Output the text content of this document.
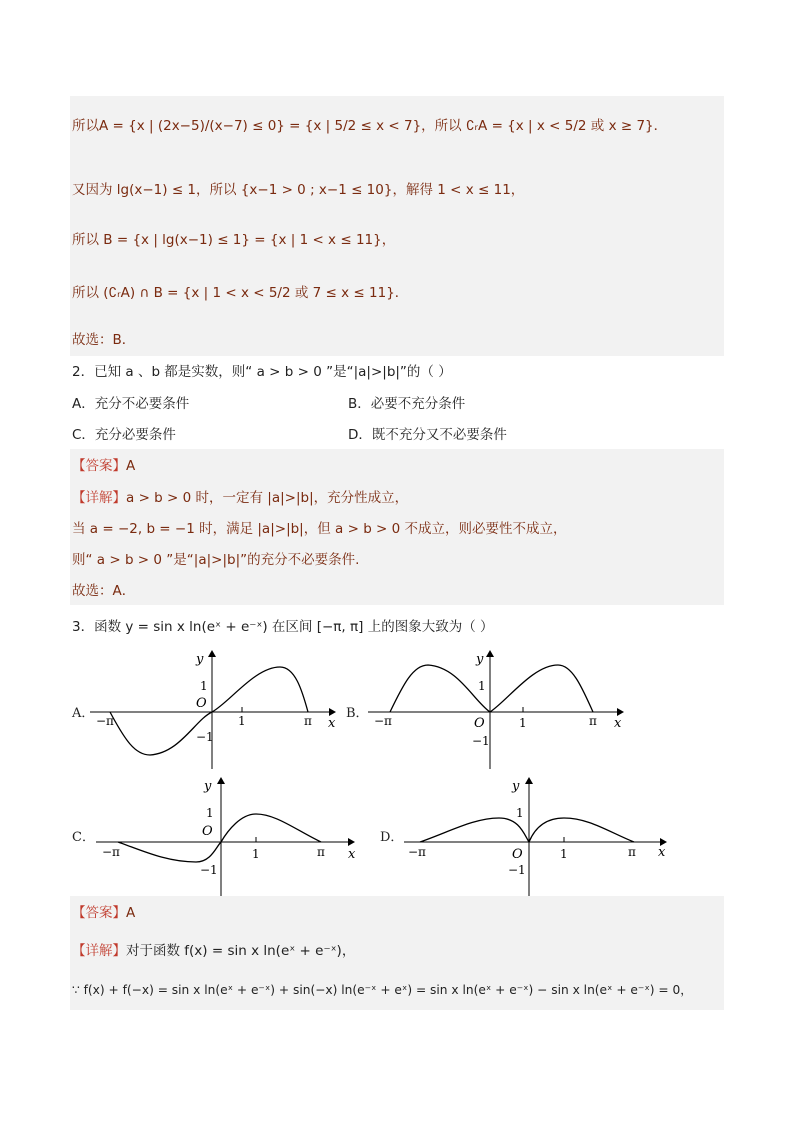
所以A = {x | (2x−5)/(x−7) ≤ 0} = {x | 5/2 ≤ x < 7}，所以 ∁ᵣA = {x | x < 5/2 或 x ≥ 7}．
又因为 lg(x−1) ≤ 1，所以 {x−1 > 0 ; x−1 ≤ 10}，解得 1 < x ≤ 11，
所以 B = {x | lg(x−1) ≤ 1} = {x | 1 < x ≤ 11}，
所以 (∁ᵣA) ∩ B = {x | 1 < x < 5/2 或 7 ≤ x ≤ 11}．
故选：B．
2．已知 a 、b 都是实数，则“ a > b > 0 ”是“|a|>|b|”的（ ）
A．充分不必要条件	B．必要不充分条件
C．充分必要条件	D．既不充分又不必要条件
【答案】A
【详解】a > b > 0 时，一定有 |a|>|b|，充分性成立，
当 a = −2, b = −1 时，满足 |a|>|b|，但 a > b > 0 不成立，则必要性不成立，
则“ a > b > 0 ”是“|a|>|b|”的充分不必要条件.
故选：A．
3．函数 y = sin x ln(eˣ + e⁻ˣ) 在区间 [−π, π] 上的图象大致为（ ）
A．	B．
C．	D．
y
x
O
1
−1
1	π
−π
y
x
O
1
−1
1	π
−π
y
x
O
1
−1
1	π
−π
y
x
O
1
−1
1	π
−π
【答案】A
【详解】对于函数 f(x) = sin x ln(eˣ + e⁻ˣ)，
∵ f(x) + f(−x) = sin x ln(eˣ + e⁻ˣ) + sin(−x) ln(e⁻ˣ + eˣ) = sin x ln(eˣ + e⁻ˣ) − sin x ln(eˣ + e⁻ˣ) = 0，
